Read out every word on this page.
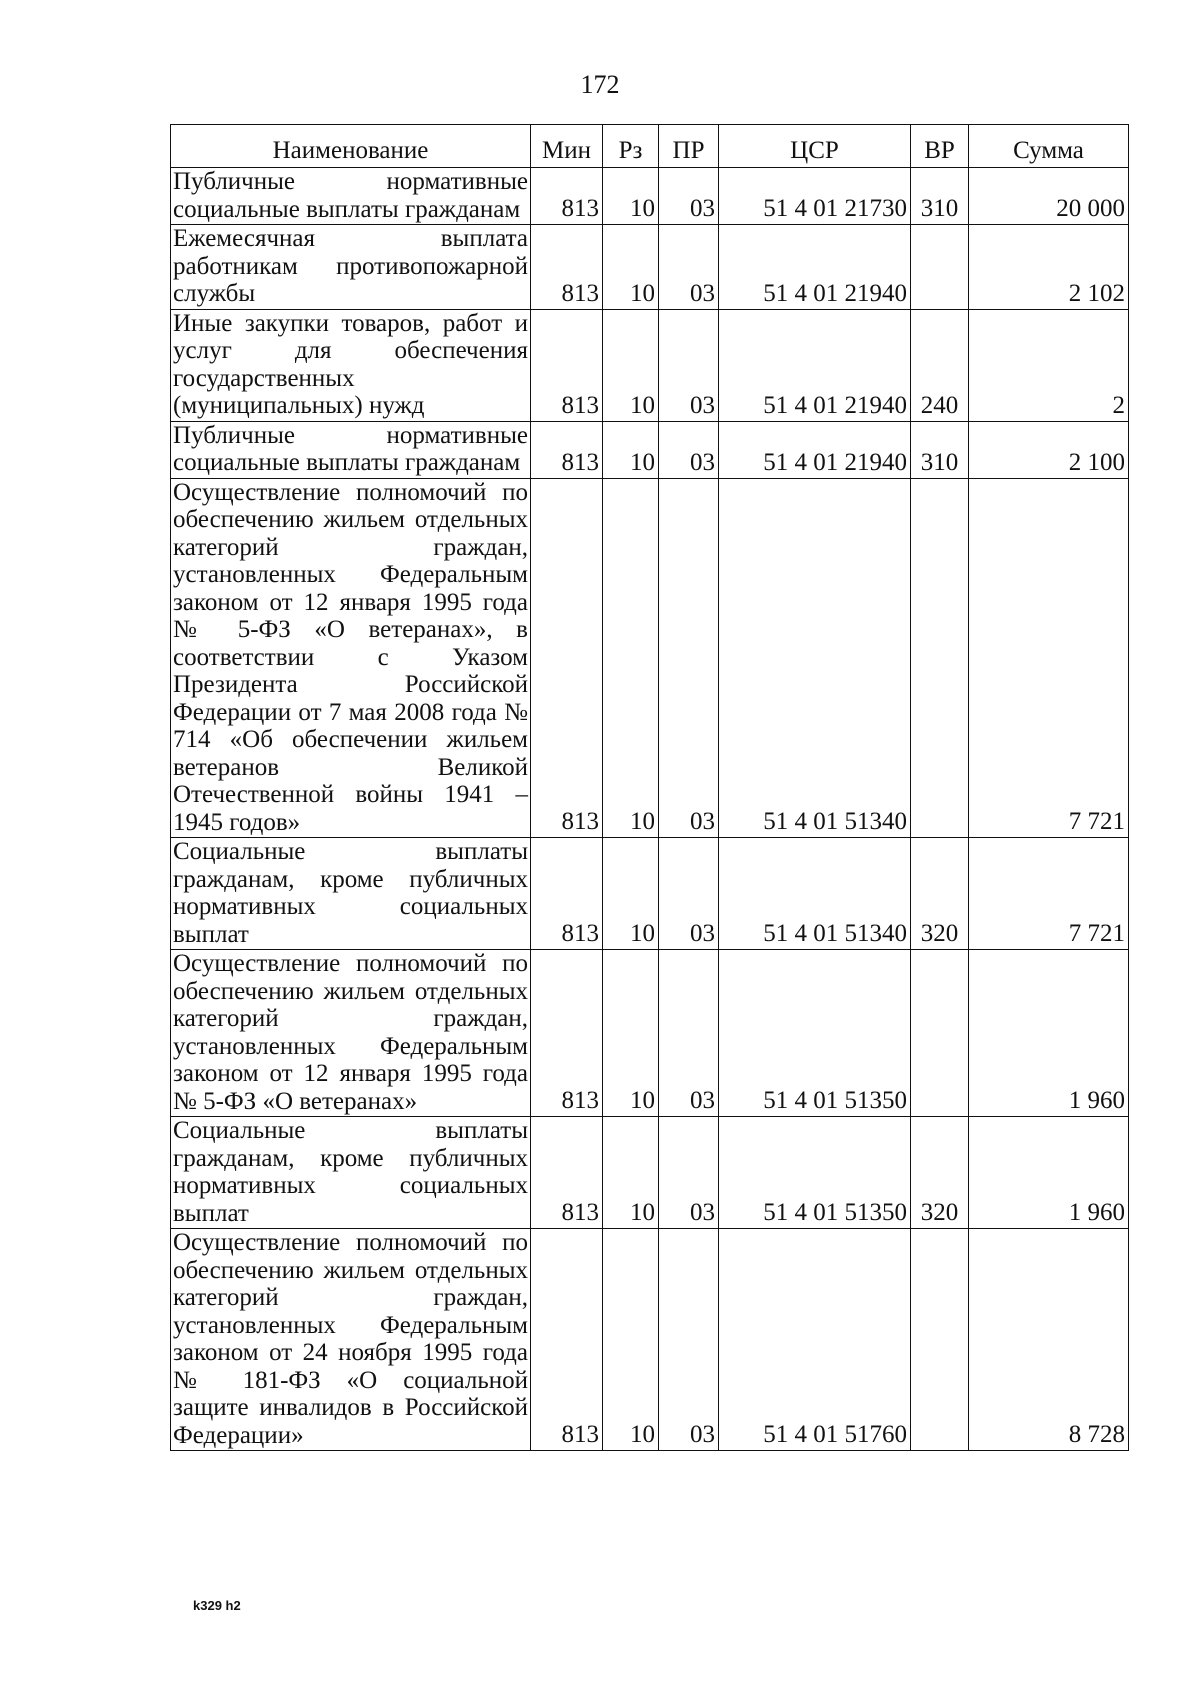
172
Наименование	Мин	Рз	ПР	ЦСР	ВР	Сумма
Публичные нормативные социальные выплаты гражданам	813	10	03	51 4 01 21730	310	20 000
Ежемесячная выплата работникам противопожарной службы	813	10	03	51 4 01 21940		2 102
Иные закупки товаров, работ и услуг для обеспечения государственных (муниципальных) нужд	813	10	03	51 4 01 21940	240	2
Публичные нормативные социальные выплаты гражданам	813	10	03	51 4 01 21940	310	2 100
Осуществление полномочий по обеспечению жильем отдельных категорий граждан, установленных Федеральным законом от 12 января 1995 года № 5-ФЗ «О ветеранах», в соответствии с Указом Президента Российской Федерации от 7 мая 2008 года № 714 «Об обеспечении жильем ветеранов Великой Отечественной войны 1941 – 1945 годов»	813	10	03	51 4 01 51340		7 721
Социальные выплаты гражданам, кроме публичных нормативных социальных выплат	813	10	03	51 4 01 51340	320	7 721
Осуществление полномочий по обеспечению жильем отдельных категорий граждан, установленных Федеральным законом от 12 января 1995 года № 5-ФЗ «О ветеранах»	813	10	03	51 4 01 51350		1 960
Социальные выплаты гражданам, кроме публичных нормативных социальных выплат	813	10	03	51 4 01 51350	320	1 960
Осуществление полномочий по обеспечению жильем отдельных категорий граждан, установленных Федеральным законом от 24 ноября 1995 года № 181-ФЗ «О социальной защите инвалидов в Российской Федерации»	813	10	03	51 4 01 51760		8 728
k329 h2
